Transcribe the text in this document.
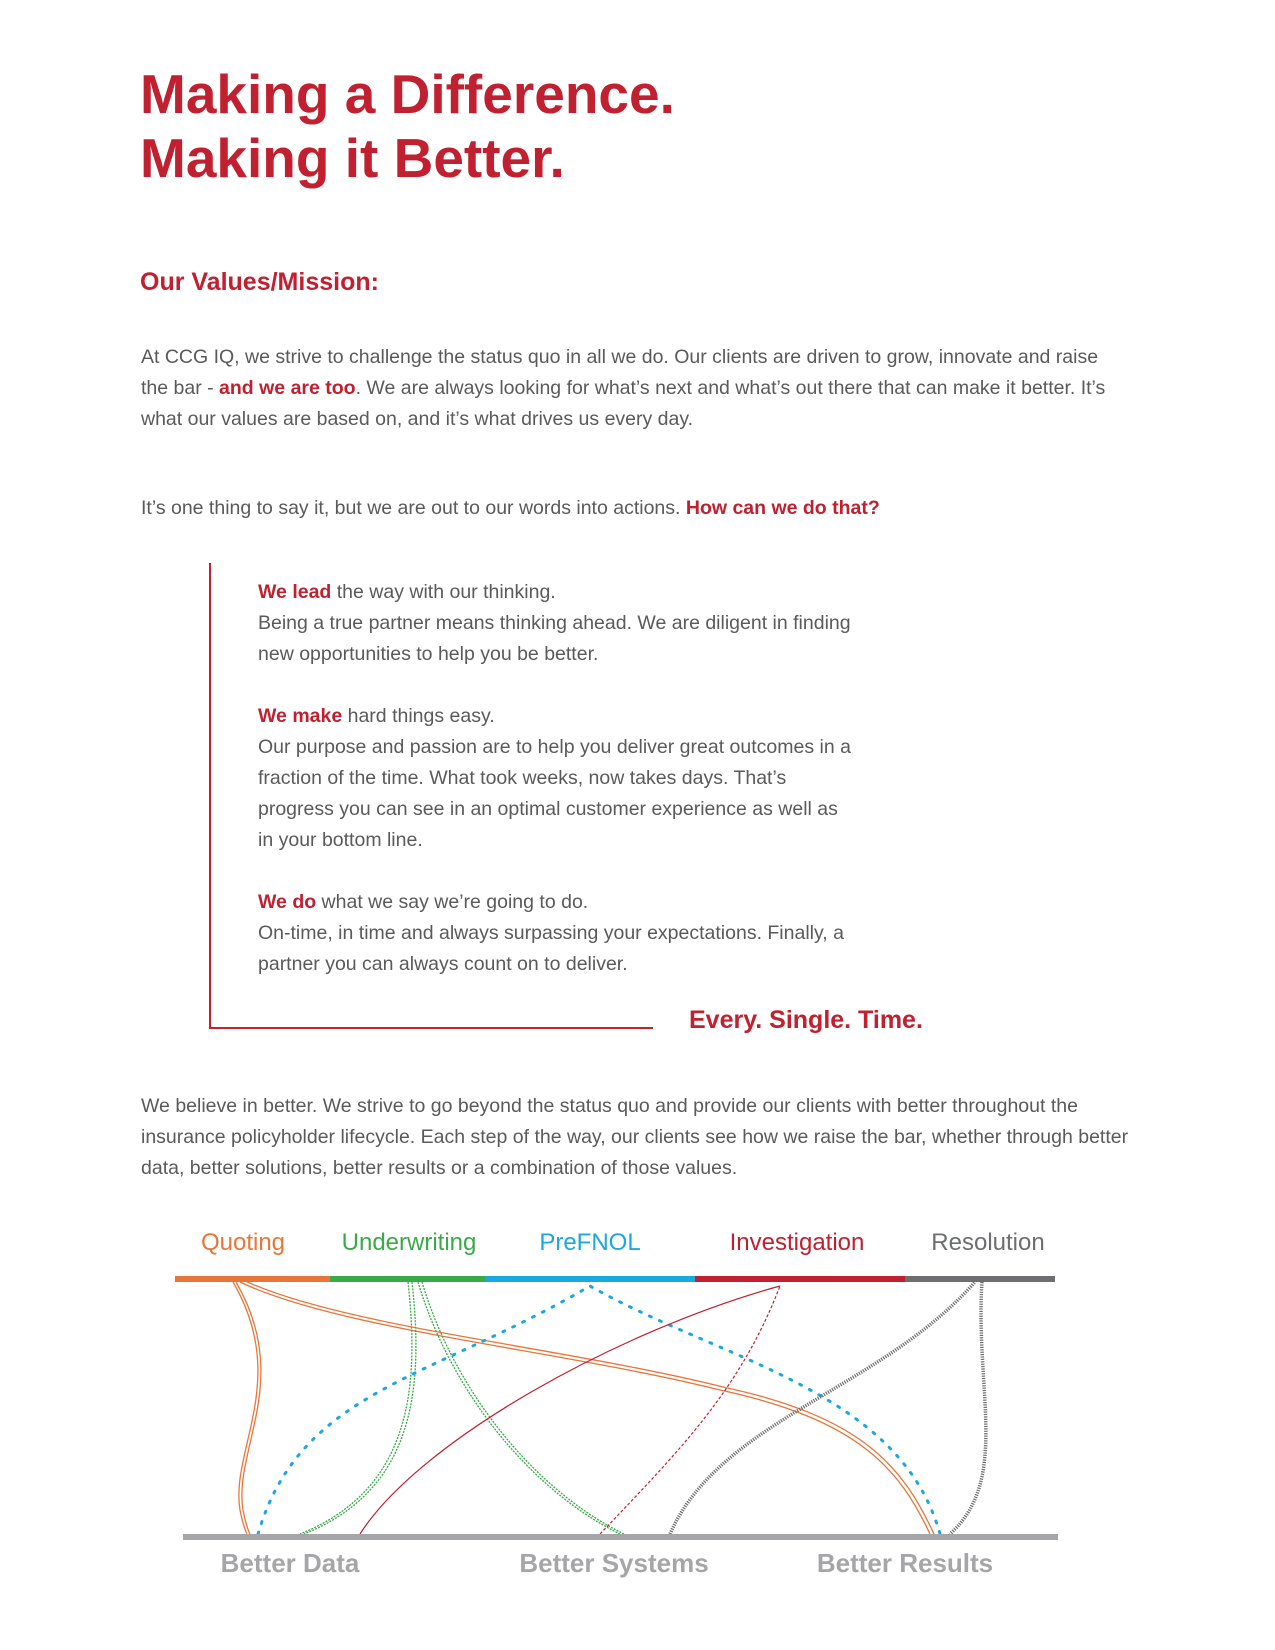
Making a Difference.
Making it Better.
Our Values/Mission:

At CCG IQ, we strive to challenge the status quo in all we do. Our clients are driven to grow, innovate and raise the bar - and we are too. We are always looking for what’s next and what’s out there that can make it better. It’s what our values are based on, and it’s what drives us every day.

It’s one thing to say it, but we are out to our words into actions. How can we do that?

We lead the way with our thinking.
Being a true partner means thinking ahead. We are diligent in finding new opportunities to help you be better.
We make hard things easy.
Our purpose and passion are to help you deliver great outcomes in a fraction of the time. What took weeks, now takes days. That’s progress you can see in an optimal customer experience as well as in your bottom line.
We do what we say we’re going to do.
On-time, in time and always surpassing your expectations. Finally, a partner you can always count on to deliver.

Every. Single. Time.

We believe in better. We strive to go beyond the status quo and provide our clients with better throughout the insurance policyholder lifecycle. Each step of the way, our clients see how we raise the bar, whether through better data, better solutions, better results or a combination of those values.

Quoting Underwriting	PreFNOL	Investigation	Resolution
Better Data	Better Systems	Better Results
